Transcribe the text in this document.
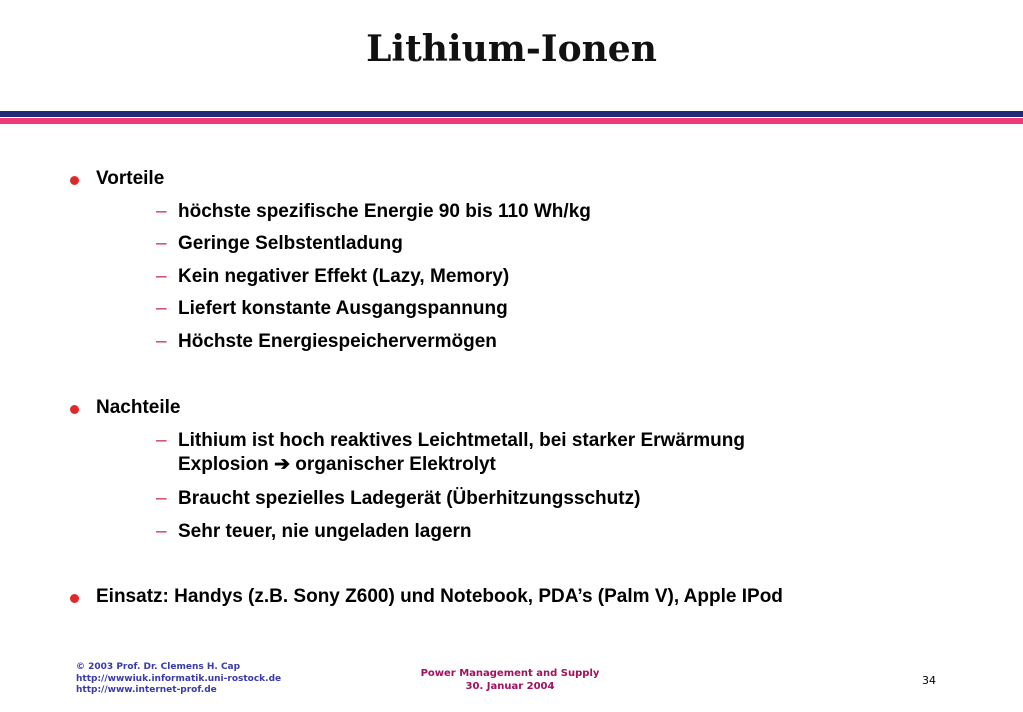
Lithium-Ionen
Vorteile
– höchste spezifische Energie 90 bis 110 Wh/kg
– Geringe Selbstentladung
– Kein negativer Effekt (Lazy, Memory)
– Liefert konstante Ausgangspannung
– Höchste Energiespeichervermögen
Nachteile
– Lithium ist hoch reaktives Leichtmetall, bei starker Erwärmung
Explosion ➔ organischer Elektrolyt
– Braucht spezielles Ladegerät (Überhitzungsschutz)
– Sehr teuer, nie ungeladen lagern
Einsatz: Handys (z.B. Sony Z600) und Notebook, PDA’s (Palm V), Apple IPod
© 2003 Prof. Dr. Clemens H. Cap
http://wwwiuk.informatik.uni-rostock.de
http://www.internet-prof.de
Power Management and Supply
30. Januar 2004	34
